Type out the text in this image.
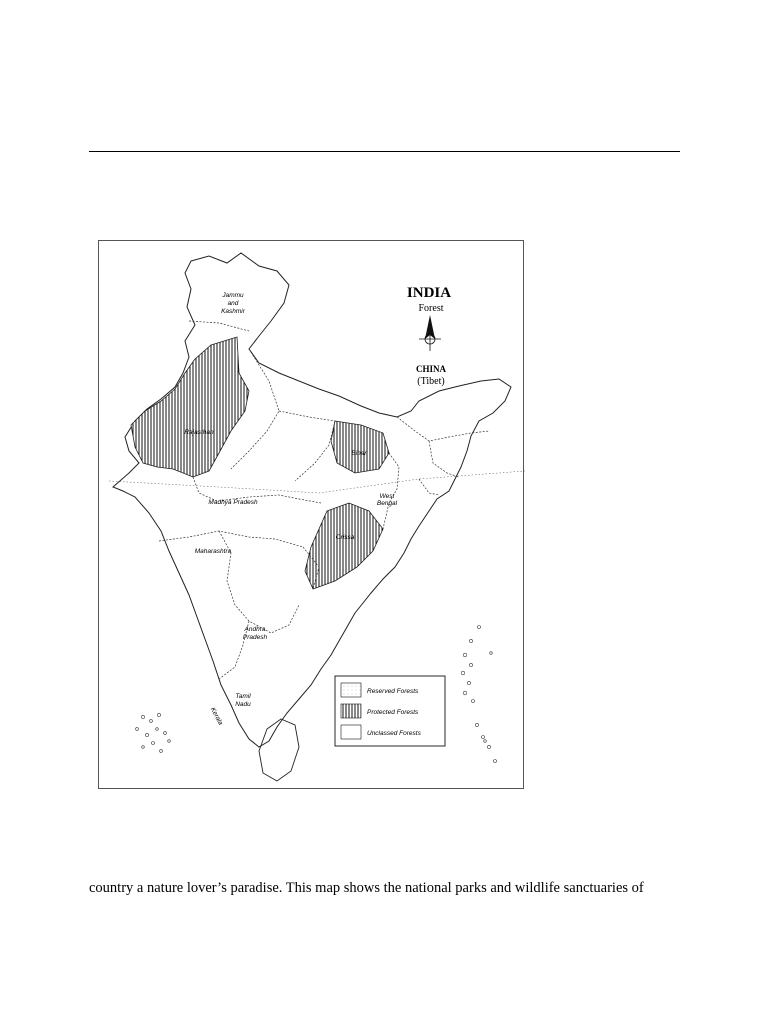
INDIA
Forest
CHINA
(Tibet)
Jammu
and
Kashmir
Rajasthan
Bihar
Madhya Pradesh
West
Bengal
Maharashtra
Orissa
Andhra
Pradesh
Tamil
Nadu
Kerala
Reserved Forests
Protected Forests
Unclassed Forests
country a nature lover’s paradise. This map shows the national parks and wildlife sanctuaries of
